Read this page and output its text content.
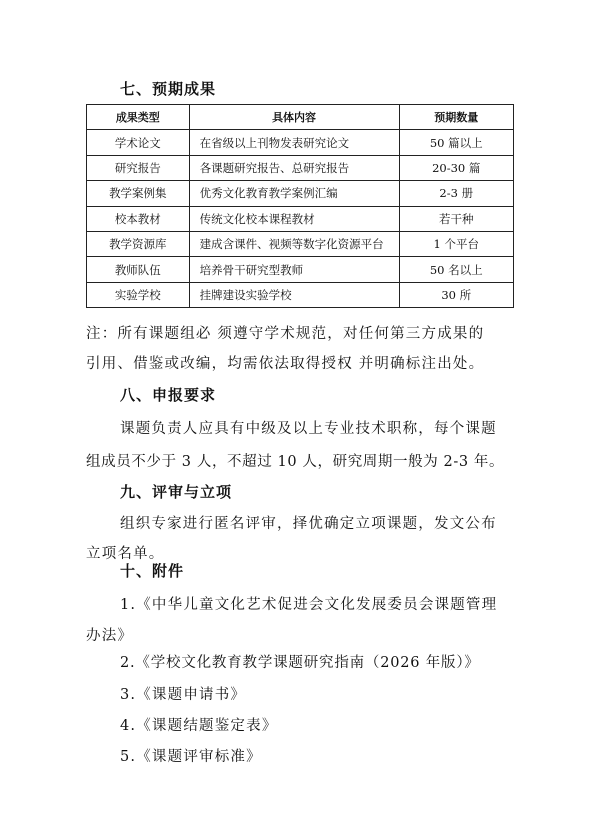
七、预期成果
成果类型	具体内容	预期数量
学术论文	在省级以上刊物发表研究论文	50 篇以上
研究报告	各课题研究报告、总研究报告	20-30 篇
教学案例集	优秀文化教育教学案例汇编	2-3 册
校本教材	传统文化校本课程教材	若干种
教学资源库	建成含课件、视频等数字化资源平台	1 个平台
教师队伍	培养骨干研究型教师	50 名以上
实验学校	挂牌建设实验学校	30 所
注：所有课题组必 须遵守学术规范，对任何第三方成果的
引用、借鉴或改编，均需依法取得授权 并明确标注出处。
八、申报要求
课题负责人应具有中级及以上专业技术职称，每个课题
组成员不少于 3 人，不超过 10 人，研究周期一般为 2-3 年。
九、评审与立项
组织专家进行匿名评审，择优确定立项课题，发文公布
立项名单。
十、附件
1.《中华儿童文化艺术促进会文化发展委员会课题管理
办法》
2.《学校文化教育教学课题研究指南（2026 年版）》
3.《课题申请书》
4.《课题结题鉴定表》
5.《课题评审标准》
